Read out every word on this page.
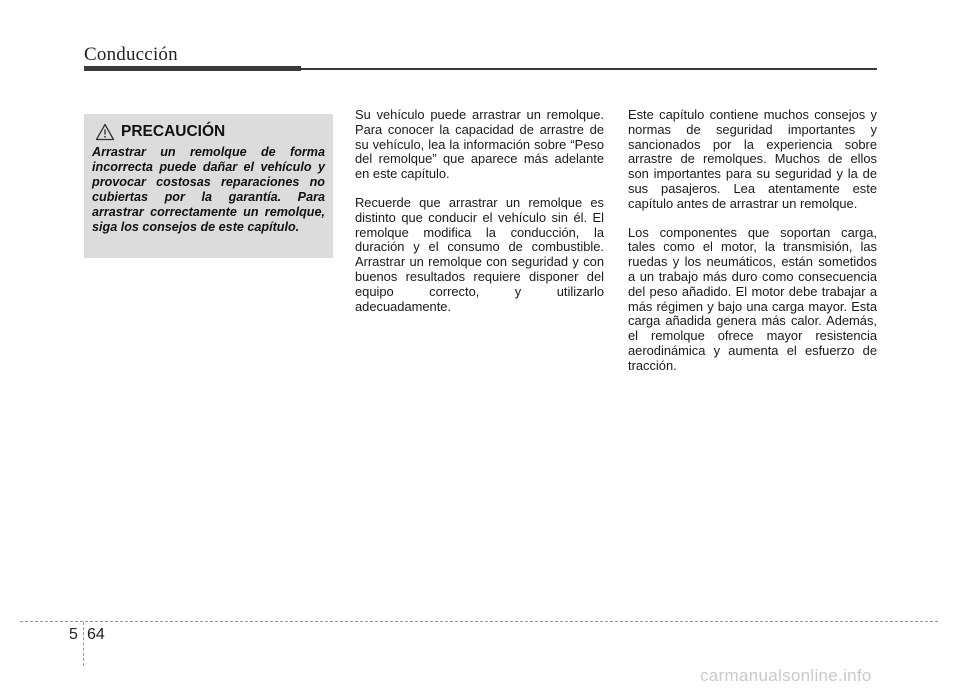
Conducción
PRECAUCIÓN

Arrastrar un remolque de forma incorrecta puede dañar el vehículo y provocar costosas reparaciones no cubiertas por la garantía. Para arrastrar correctamente un remolque, siga los consejos de este capítulo.

Su vehículo puede arrastrar un remolque. Para conocer la capacidad de arrastre de su vehículo, lea la información sobre “Peso del remolque” que aparece más adelante en este capítulo.

Recuerde que arrastrar un remolque es distinto que conducir el vehículo sin él. El remolque modifica la conducción, la duración y el consumo de combustible. Arrastrar un remolque con seguridad y con buenos resultados requiere disponer del equipo correcto, y utilizarlo adecuadamente.

Este capítulo contiene muchos consejos y normas de seguridad importantes y sancionados por la experiencia sobre arrastre de remolques. Muchos de ellos son importantes para su seguridad y la de sus pasajeros. Lea atentamente este capítulo antes de arrastrar un remolque.

Los componentes que soportan carga, tales como el motor, la transmisión, las ruedas y los neumáticos, están sometidos a un trabajo más duro como consecuencia del peso añadido. El motor debe trabajar a más régimen y bajo una carga mayor. Esta carga añadida genera más calor. Además, el remolque ofrece mayor resistencia aerodinámica y aumenta el esfuerzo de tracción.

5 64
carmanualsonline.info
